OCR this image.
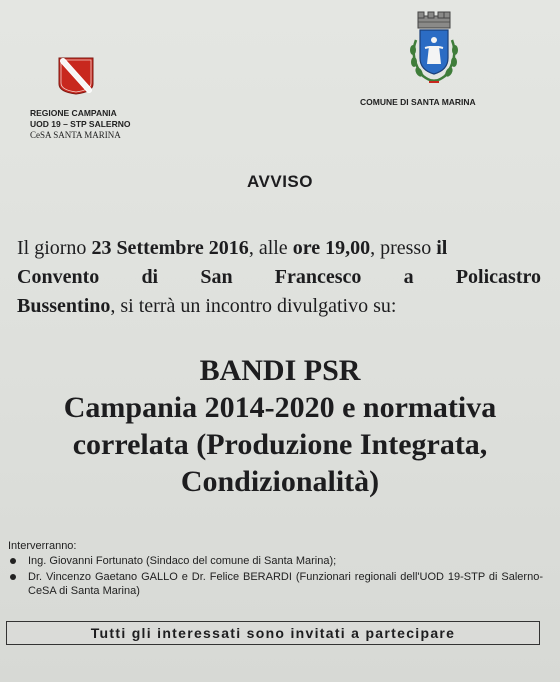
REGIONE CAMPANIA
UOD 19 – STP SALERNO
CeSA SANTA MARINA
COMUNE DI SANTA MARINA
AVVISO
Il giorno 23 Settembre 2016, alle ore 19,00, presso il
Convento di San Francesco a Policastro
Bussentino , si terrà un incontro divulgativo su:
BANDI PSR
Campania 2014-2020 e normativa
correlata (Produzione Integrata,
Condizionalità)
Interverranno:
Ing. Giovanni Fortunato (Sindaco del comune di Santa Marina);
Dr. Vincenzo Gaetano GALLO e Dr. Felice BERARDI (Funzionari regionali dell'UOD 19-STP di Salerno-CeSA di Santa Marina)
Tutti gli interessati sono invitati a partecipare
